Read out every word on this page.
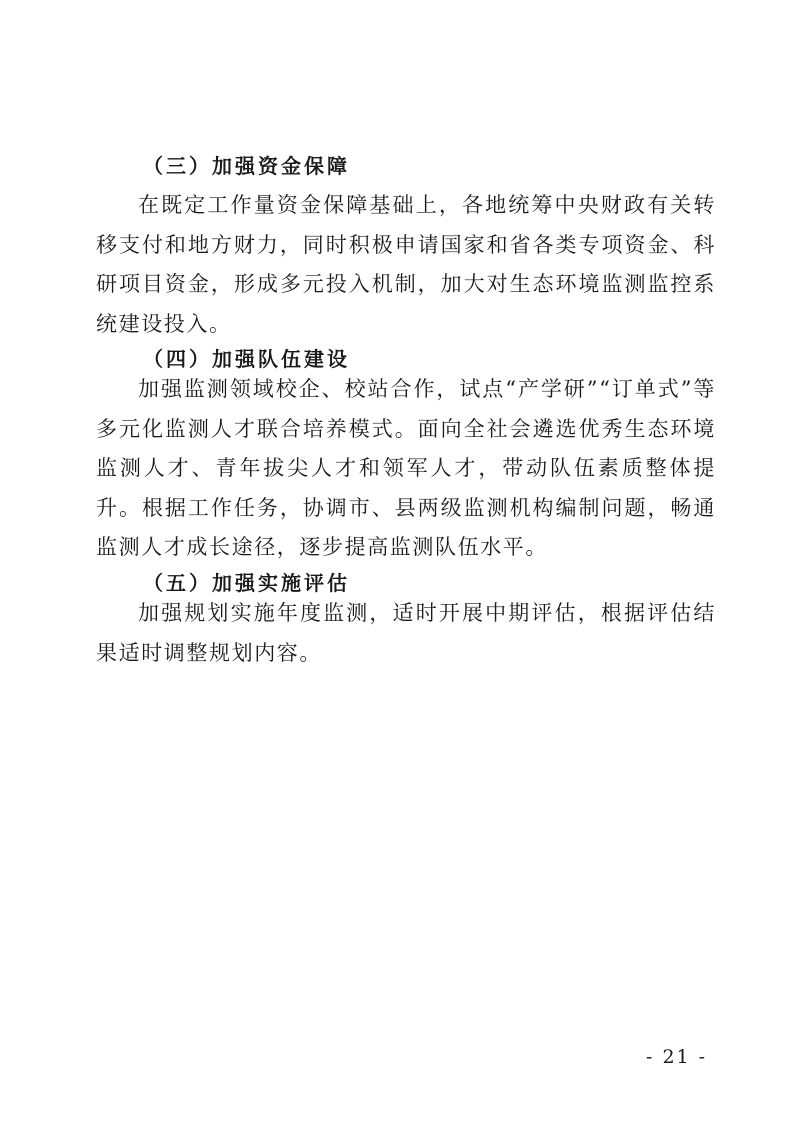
（三）加强资金保障

在既定工作量资金保障基础上，各地统筹中央财政有关转移支付和地方财力，同时积极申请国家和省各类专项资金、科研项目资金，形成多元投入机制，加大对生态环境监测监控系统建设投入。

（四）加强队伍建设

加强监测领域校企、校站合作，试点“产学研”“订单式”等多元化监测人才联合培养模式。面向全社会遴选优秀生态环境监测人才、青年拔尖人才和领军人才，带动队伍素质整体提升。根据工作任务，协调市、县两级监测机构编制问题，畅通监测人才成长途径，逐步提高监测队伍水平。

（五）加强实施评估

加强规划实施年度监测，适时开展中期评估，根据评估结果适时调整规划内容。

- 21 -
